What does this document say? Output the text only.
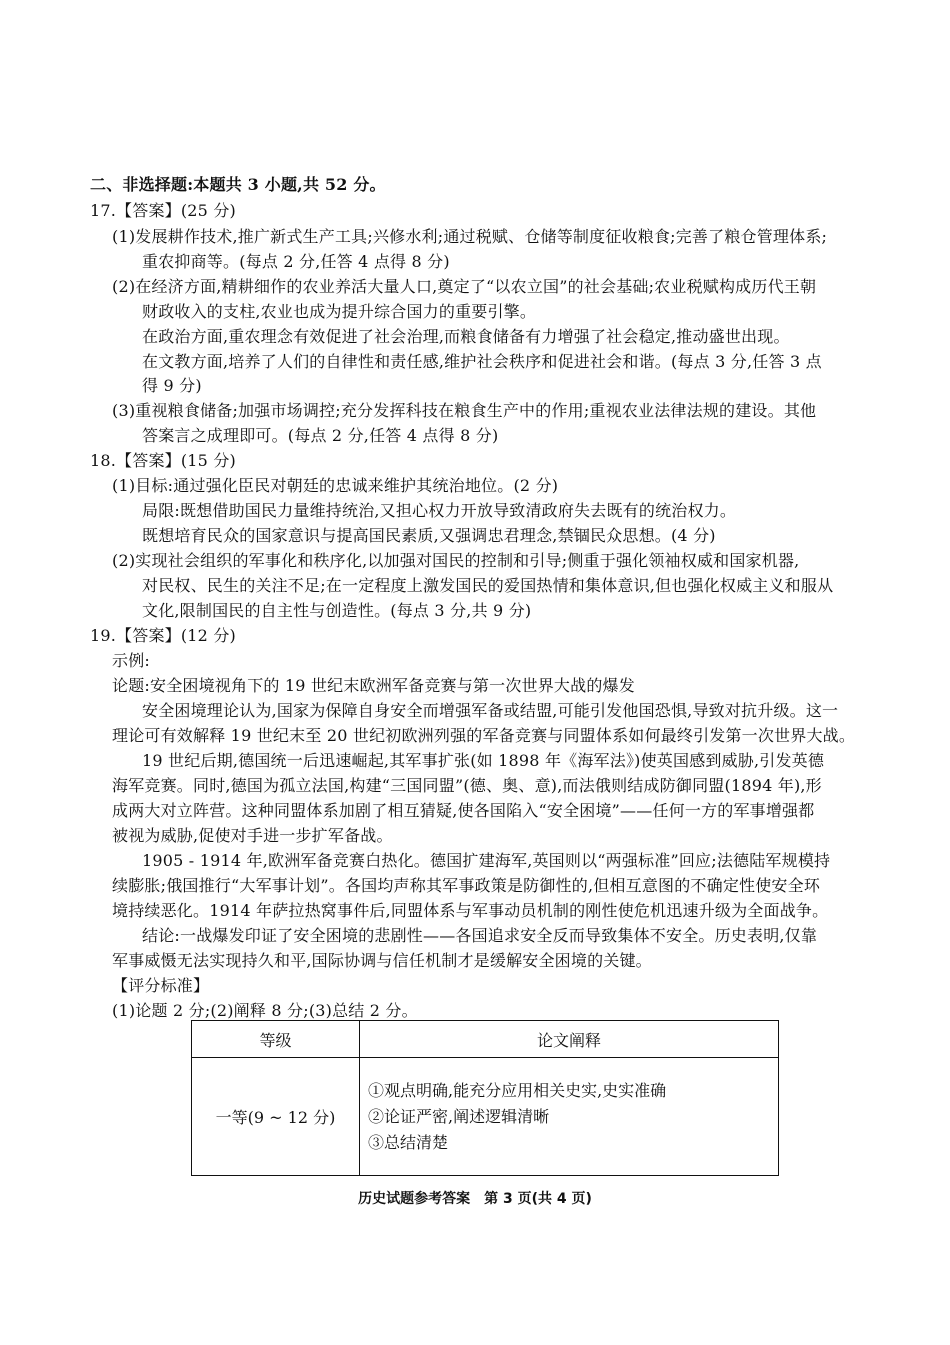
二、非选择题:本题共 3 小题,共 52 分。
17.【答案】(25 分)
(1)发展耕作技术,推广新式生产工具;兴修水利;通过税赋、仓储等制度征收粮食;完善了粮仓管理体系;
重农抑商等。(每点 2 分,任答 4 点得 8 分)
(2)在经济方面,精耕细作的农业养活大量人口,奠定了“以农立国”的社会基础;农业税赋构成历代王朝
财政收入的支柱,农业也成为提升综合国力的重要引擎。
在政治方面,重农理念有效促进了社会治理,而粮食储备有力增强了社会稳定,推动盛世出现。
在文教方面,培养了人们的自律性和责任感,维护社会秩序和促进社会和谐。(每点 3 分,任答 3 点
得 9 分)
(3)重视粮食储备;加强市场调控;充分发挥科技在粮食生产中的作用;重视农业法律法规的建设。其他
答案言之成理即可。(每点 2 分,任答 4 点得 8 分)
18.【答案】(15 分)
(1)目标:通过强化臣民对朝廷的忠诚来维护其统治地位。(2 分)
局限:既想借助国民力量维持统治,又担心权力开放导致清政府失去既有的统治权力。
既想培育民众的国家意识与提高国民素质,又强调忠君理念,禁锢民众思想。(4 分)
(2)实现社会组织的军事化和秩序化,以加强对国民的控制和引导;侧重于强化领袖权威和国家机器,
对民权、民生的关注不足;在一定程度上激发国民的爱国热情和集体意识,但也强化权威主义和服从
文化,限制国民的自主性与创造性。(每点 3 分,共 9 分)
19.【答案】(12 分)
示例:
论题:安全困境视角下的 19 世纪末欧洲军备竞赛与第一次世界大战的爆发
安全困境理论认为,国家为保障自身安全而增强军备或结盟,可能引发他国恐惧,导致对抗升级。这一
理论可有效解释 19 世纪末至 20 世纪初欧洲列强的军备竞赛与同盟体系如何最终引发第一次世界大战。
19 世纪后期,德国统一后迅速崛起,其军事扩张(如 1898 年《海军法》)使英国感到威胁,引发英德
海军竞赛。同时,德国为孤立法国,构建“三国同盟”(德、奥、意),而法俄则结成防御同盟(1894 年),形
成两大对立阵营。这种同盟体系加剧了相互猜疑,使各国陷入“安全困境”——任何一方的军事增强都
被视为威胁,促使对手进一步扩军备战。
1905 - 1914 年,欧洲军备竞赛白热化。德国扩建海军,英国则以“两强标准”回应;法德陆军规模持
续膨胀;俄国推行“大军事计划”。各国均声称其军事政策是防御性的,但相互意图的不确定性使安全环
境持续恶化。1914 年萨拉热窝事件后,同盟体系与军事动员机制的刚性使危机迅速升级为全面战争。
结论:一战爆发印证了安全困境的悲剧性——各国追求安全反而导致集体不安全。历史表明,仅靠
军事威慑无法实现持久和平,国际协调与信任机制才是缓解安全困境的关键。
【评分标准】
(1)论题 2 分;(2)阐释 8 分;(3)总结 2 分。
等级	论文阐释
一等(9 ~ 12 分)	①观点明确,能充分应用相关史实,史实准确
②论证严密,阐述逻辑清晰
③总结清楚
历史试题参考答案　第 3 页(共 4 页)
